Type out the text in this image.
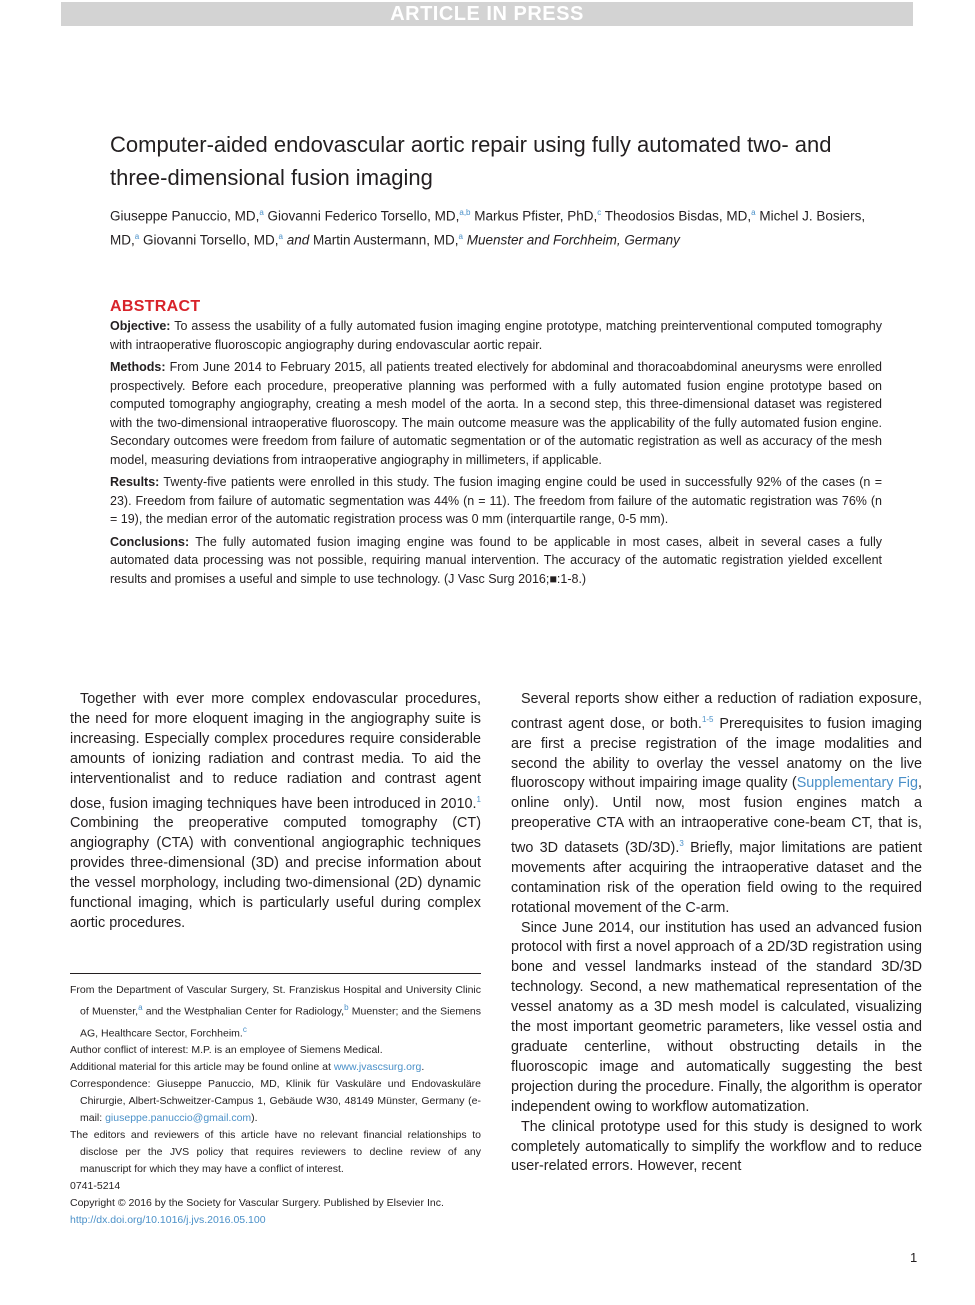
ARTICLE IN PRESS
Computer-aided endovascular aortic repair using fully automated two- and three-dimensional fusion imaging

Giuseppe Panuccio, MD,$^a$ Giovanni Federico Torsello, MD,$^{a,b}$ Markus Pfister, PhD,$^c$ Theodosios Bisdas, MD,$^a$ Michel J. Bosiers, MD,$^a$ Giovanni Torsello, MD,$^a$ and Martin Austermann, MD,$^a$ Muenster and Forchheim, Germany

ABSTRACT

Objective: To assess the usability of a fully automated fusion imaging engine prototype, matching preinterventional computed tomography with intraoperative fluoroscopic angiography during endovascular aortic repair.

Methods: From June 2014 to February 2015, all patients treated electively for abdominal and thoracoabdominal aneurysms were enrolled prospectively. Before each procedure, preoperative planning was performed with a fully automated fusion engine prototype based on computed tomography angiography, creating a mesh model of the aorta. In a second step, this three-dimensional dataset was registered with the two-dimensional intraoperative fluoroscopy. The main outcome measure was the applicability of the fully automated fusion engine. Secondary outcomes were freedom from failure of automatic segmentation or of the automatic registration as well as accuracy of the mesh model, measuring deviations from intraoperative angiography in millimeters, if applicable.

Results: Twenty-five patients were enrolled in this study. The fusion imaging engine could be used in successfully 92% of the cases (n = 23). Freedom from failure of automatic segmentation was 44% (n = 11). The freedom from failure of the automatic registration was 76% (n = 19), the median error of the automatic registration process was 0 mm (interquartile range, 0-5 mm).

Conclusions: The fully automated fusion imaging engine was found to be applicable in most cases, albeit in several cases a fully automated data processing was not possible, requiring manual intervention. The accuracy of the automatic registration yielded excellent results and promises a useful and simple to use technology. (J Vasc Surg 2016;■:1-8.)

Together with ever more complex endovascular procedures, the need for more eloquent imaging in the angiography suite is increasing. Especially complex procedures require considerable amounts of ionizing radiation and contrast media. To aid the interventionalist and to reduce radiation and contrast agent dose, fusion imaging techniques have been introduced in 2010.$^1$ Combining the preoperative computed tomography (CT) angiography (CTA) with conventional angiographic techniques provides three-dimensional (3D) and precise information about the vessel morphology, including two-dimensional (2D) dynamic functional imaging, which is particularly useful during complex aortic procedures.

Several reports show either a reduction of radiation exposure, contrast agent dose, or both.$^{1-5}$ Prerequisites to fusion imaging are first a precise registration of the image modalities and second the ability to overlay the vessel anatomy on the live fluoroscopy without impairing image quality (Supplementary Fig, online only). Until now, most fusion engines match a preoperative CTA with an intraoperative cone-beam CT, that is, two 3D datasets (3D/3D).$^3$ Briefly, major limitations are patient movements after acquiring the intraoperative dataset and the contamination risk of the operation field owing to the required rotational movement of the C-arm.

Since June 2014, our institution has used an advanced fusion protocol with first a novel approach of a 2D/3D registration using bone and vessel landmarks instead of the standard 3D/3D technology. Second, a new mathematical representation of the vessel anatomy as a 3D mesh model is calculated, visualizing the most important geometric parameters, like vessel ostia and graduate centerline, without obstructing details in the fluoroscopic image and automatically suggesting the best projection during the procedure. Finally, the algorithm is operator independent owing to workflow automatization.

The clinical prototype used for this study is designed to work completely automatically to simplify the workflow and to reduce user-related errors. However, recent

From the Department of Vascular Surgery, St. Franziskus Hospital and University Clinic of Muenster,$^a$ and the Westphalian Center for Radiology,$^b$ Muenster; and the Siemens AG, Healthcare Sector, Forchheim.$^c$

Author conflict of interest: M.P. is an employee of Siemens Medical.

Additional material for this article may be found online at www.jvascsurg.org.

Correspondence: Giuseppe Panuccio, MD, Klinik für Vaskuläre und Endovaskuläre Chirurgie, Albert-Schweitzer-Campus 1, Gebäude W30, 48149 Münster, Germany (e-mail: giuseppe.panuccio@gmail.com).

The editors and reviewers of this article have no relevant financial relationships to disclose per the JVS policy that requires reviewers to decline review of any manuscript for which they may have a conflict of interest.

0741-5214

Copyright © 2016 by the Society for Vascular Surgery. Published by Elsevier Inc.

http://dx.doi.org/10.1016/j.jvs.2016.05.100

1
